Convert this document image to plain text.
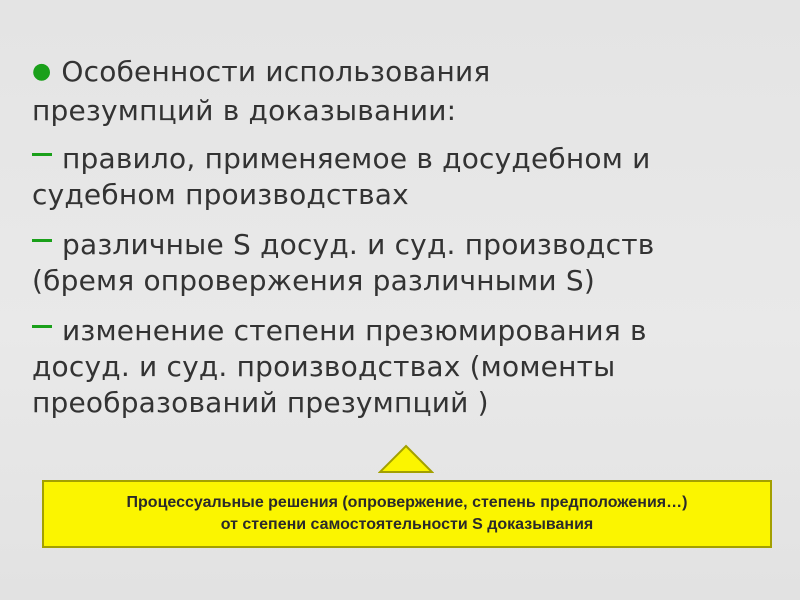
● Особенности использования
презумпций в доказывании:
правило, применяемое в досудебном и
судебном производствах
различные S досуд. и суд. производств
(бремя опровержения различными S)
изменение степени презюмирования в
досуд. и суд. производствах (моменты
преобразований презумпций )
Процессуальные решения (опровержение, степень предположения…)
от степени самостоятельности S доказывания
